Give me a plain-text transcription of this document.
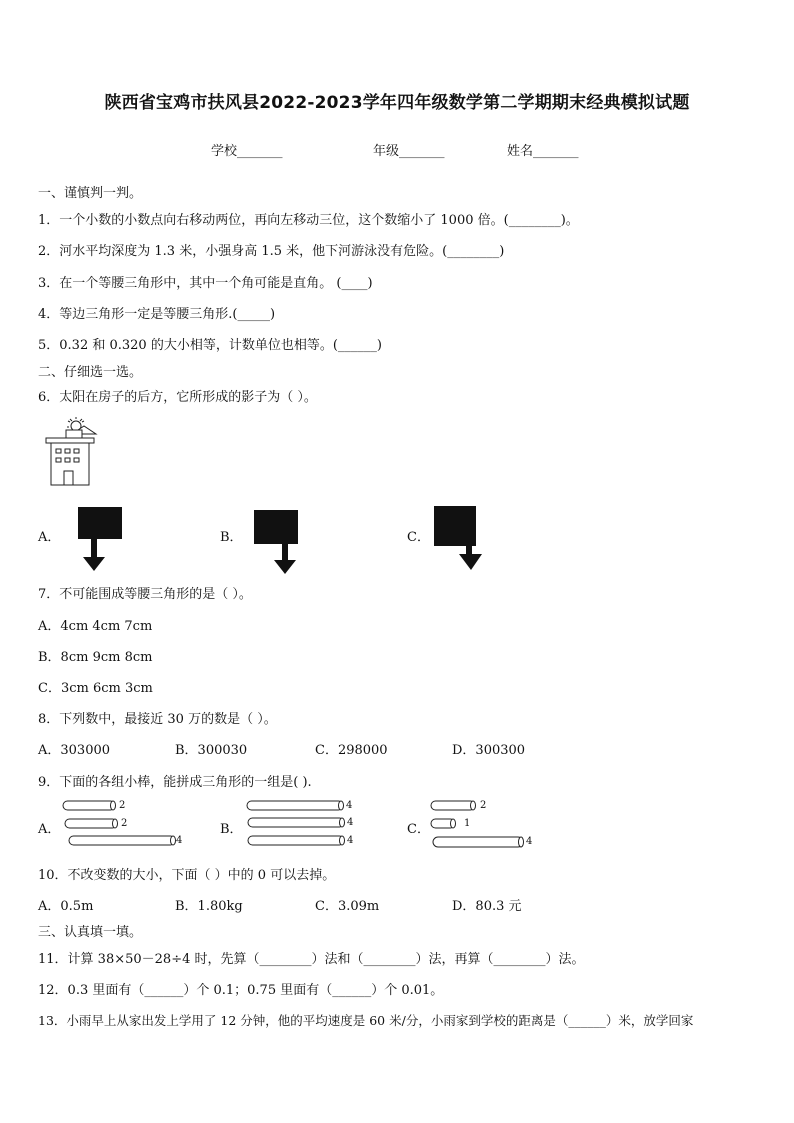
陕西省宝鸡市扶风县2022-2023学年四年级数学第二学期期末经典模拟试题
学校_______	年级_______	姓名_______
一、谨慎判一判。
1．一个小数的小数点向右移动两位，再向左移动三位，这个数缩小了 1000 倍。(________)。
2．河水平均深度为 1.3 米，小强身高 1.5 米，他下河游泳没有危险。(________)
3．在一个等腰三角形中，其中一个角可能是直角。 (____)
4．等边三角形一定是等腰三角形.(_____)
5．0.32 和 0.320 的大小相等，计数单位也相等。(______)
二、仔细选一选。
6．太阳在房子的后方，它所形成的影子为（ ）。
A．	B．	C．
7．不可能围成等腰三角形的是（ ）。
A．4cm 4cm 7cm
B．8cm 9cm 8cm
C．3cm 6cm 3cm
8．下列数中，最接近 30 万的数是（ ）。
A．303000	B．300030	C．298000	D．300300
9．下面的各组小棒，能拼成三角形的一组是( ).
A．
2
2
4
B．
4
4
4
C．
2
1
4
10．不改变数的大小，下面（ ）中的 0 可以去掉。
A．0.5m	B．1.80kg	C．3.09m	D．80.3 元
三、认真填一填。
11．计算 38×50－28÷4 时，先算（________）法和（________）法，再算（________）法。
12．0.3 里面有（______）个 0.1；0.75 里面有（______）个 0.01。
13．小雨早上从家出发上学用了 12 分钟，他的平均速度是 60 米/分，小雨家到学校的距离是（______）米，放学回家
